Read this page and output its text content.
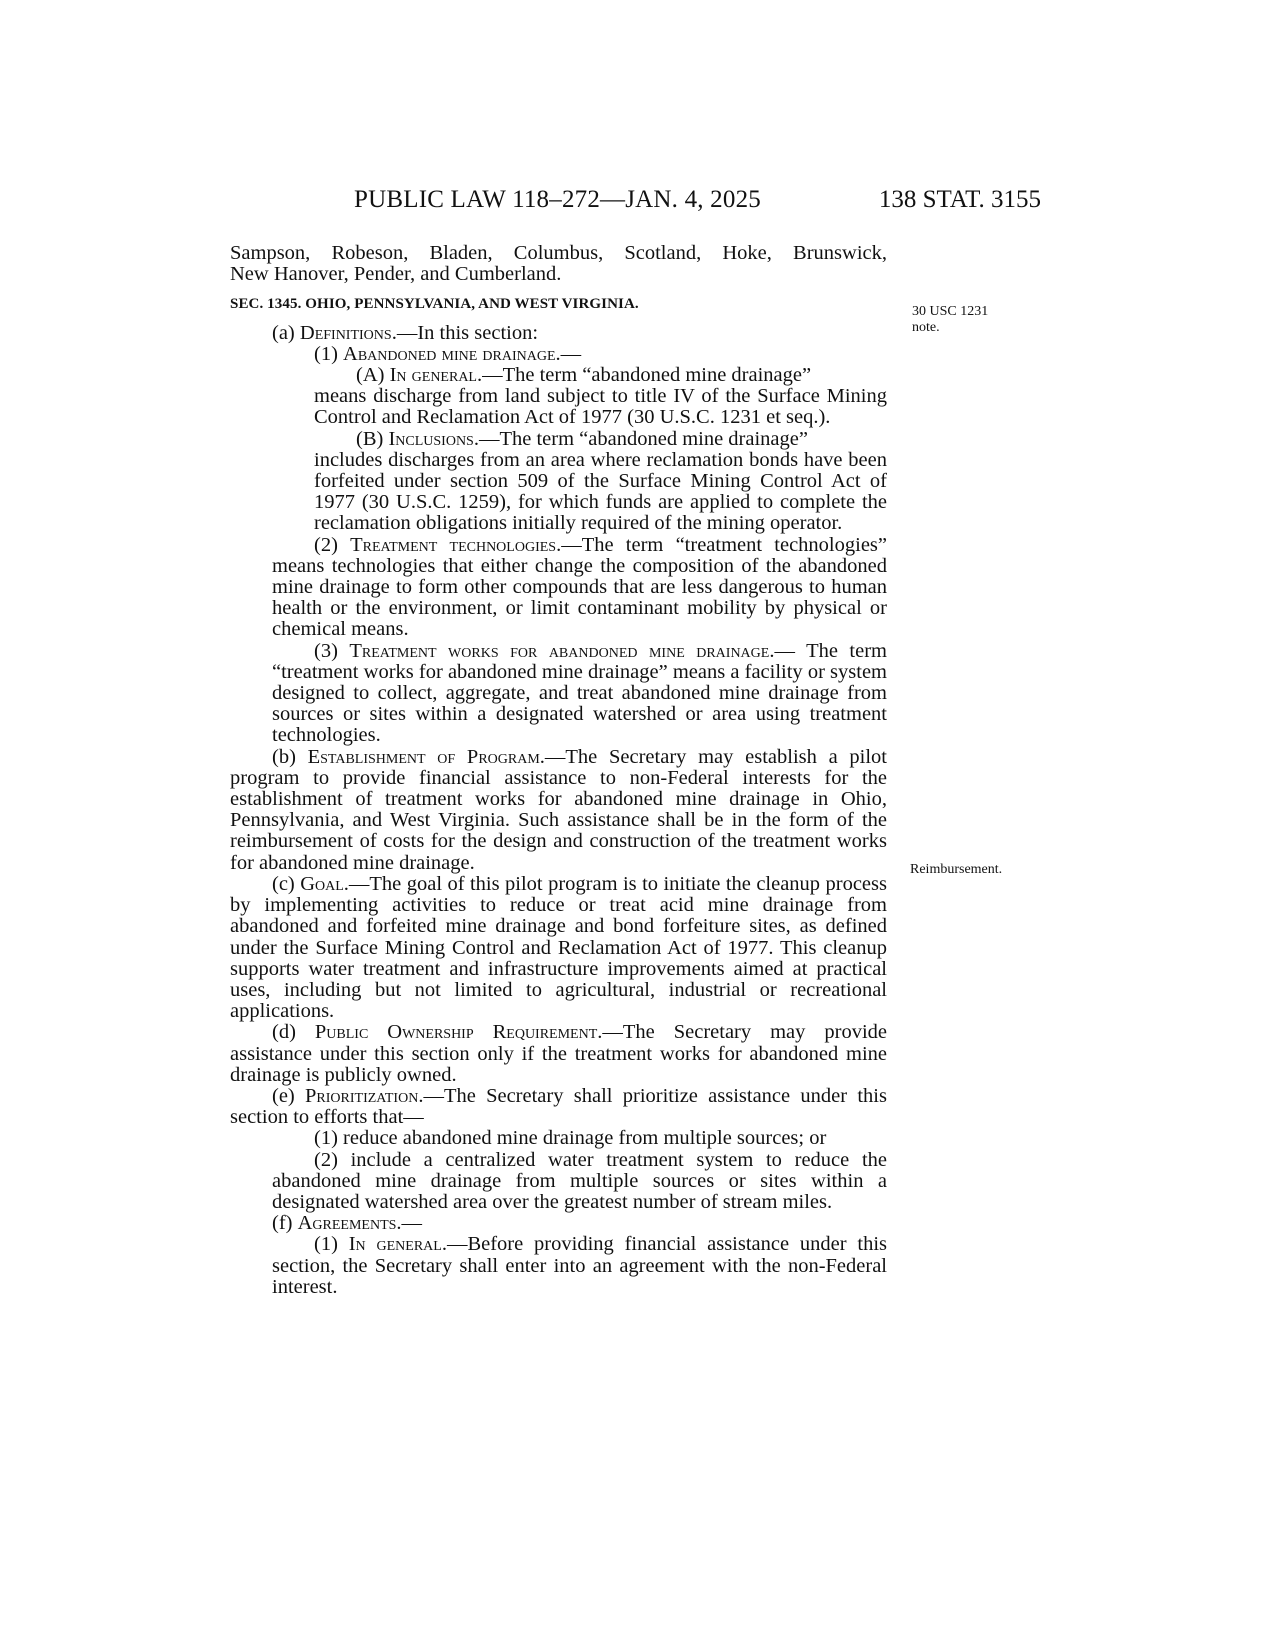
PUBLIC LAW 118–272—JAN. 4, 2025	138 STAT. 3155
30 USC 1231
note.
Reimbursement.

Sampson, Robeson, Bladen, Columbus, Scotland, Hoke, Brunswick,

New Hanover, Pender, and Cumberland.

SEC. 1345. OHIO, PENNSYLVANIA, AND WEST VIRGINIA.

(a) Definitions.—In this section:

(1) Abandoned mine drainage.—

(A) In general.—The term “abandoned mine drainage”

means discharge from land subject to title IV of the Surface Mining Control and Reclamation Act of 1977 (30 U.S.C. 1231 et seq.).

(B) Inclusions.—The term “abandoned mine drainage”

includes discharges from an area where reclamation bonds have been forfeited under section 509 of the Surface Mining Control Act of 1977 (30 U.S.C. 1259), for which funds are applied to complete the reclamation obligations initially required of the mining operator.

(2) Treatment technologies.—The term “treatment technologies” means technologies that either change the composition of the abandoned mine drainage to form other compounds that are less dangerous to human health or the environment, or limit contaminant mobility by physical or chemical means.

(3) Treatment works for abandoned mine drainage.— The term “treatment works for abandoned mine drainage” means a facility or system designed to collect, aggregate, and treat abandoned mine drainage from sources or sites within a designated watershed or area using treatment technologies.

(b) Establishment of Program.—The Secretary may establish a pilot program to provide financial assistance to non-Federal interests for the establishment of treatment works for abandoned mine drainage in Ohio, Pennsylvania, and West Virginia. Such assistance shall be in the form of the reimbursement of costs for the design and construction of the treatment works for abandoned mine drainage.

(c) Goal.—The goal of this pilot program is to initiate the cleanup process by implementing activities to reduce or treat acid mine drainage from abandoned and forfeited mine drainage and bond forfeiture sites, as defined under the Surface Mining Control and Reclamation Act of 1977. This cleanup supports water treatment and infrastructure improvements aimed at practical uses, including but not limited to agricultural, industrial or recreational applications.

(d) Public Ownership Requirement.—The Secretary may provide assistance under this section only if the treatment works for abandoned mine drainage is publicly owned.

(e) Prioritization.—The Secretary shall prioritize assistance under this section to efforts that—

(1) reduce abandoned mine drainage from multiple sources; or

(2) include a centralized water treatment system to reduce the abandoned mine drainage from multiple sources or sites within a designated watershed area over the greatest number of stream miles.

(f) Agreements.—

(1) In general.—Before providing financial assistance under this section, the Secretary shall enter into an agreement with the non-Federal interest.
